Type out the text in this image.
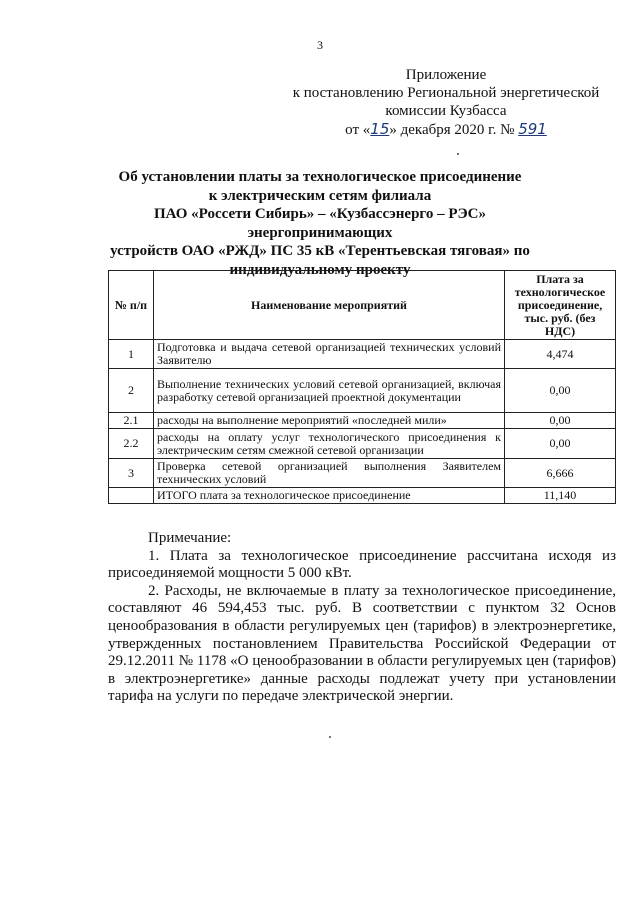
3
Приложение
к постановлению Региональной энергетической
комиссии Кузбасса
от «15» декабря 2020 г. № 591
Об установлении платы за технологическое присоединение
к электрическим сетям филиала
ПАО «Россети Сибирь» – «Кузбассэнерго – РЭС» энергопринимающих
устройств ОАО «РЖД» ПС 35 кВ «Терентьевская тяговая» по
индивидуальному проекту
№ п/п	Наименование мероприятий	Плата за технологическое присоединение, тыс. руб. (без НДС)
1	Подготовка и выдача сетевой организацией технических условий Заявителю	4,474
2	Выполнение технических условий сетевой организацией, включая разработку сетевой организацией проектной документации	0,00
2.1	расходы на выполнение мероприятий «последней мили»	0,00
2.2	расходы на оплату услуг технологического присоединения к электрическим сетям смежной сетевой организации	0,00
3	Проверка сетевой организацией выполнения Заявителем технических условий	6,666
	ИТОГО плата за технологическое присоединение	11,140
Примечание:

1. Плата за технологическое присоединение рассчитана исходя из присоединяемой мощности 5 000 кВт.

2. Расходы, не включаемые в плату за технологическое присоединение, составляют 46 594,453 тыс. руб. В соответствии с пунктом 32 Основ ценообразования в области регулируемых цен (тарифов) в электроэнергетике, утвержденных постановлением Правительства Российской Федерации от 29.12.2011 № 1178 «О ценообразовании в области регулируемых цен (тарифов) в электроэнергетике» данные расходы подлежат учету при установлении тарифа на услуги по передаче электрической энергии.
